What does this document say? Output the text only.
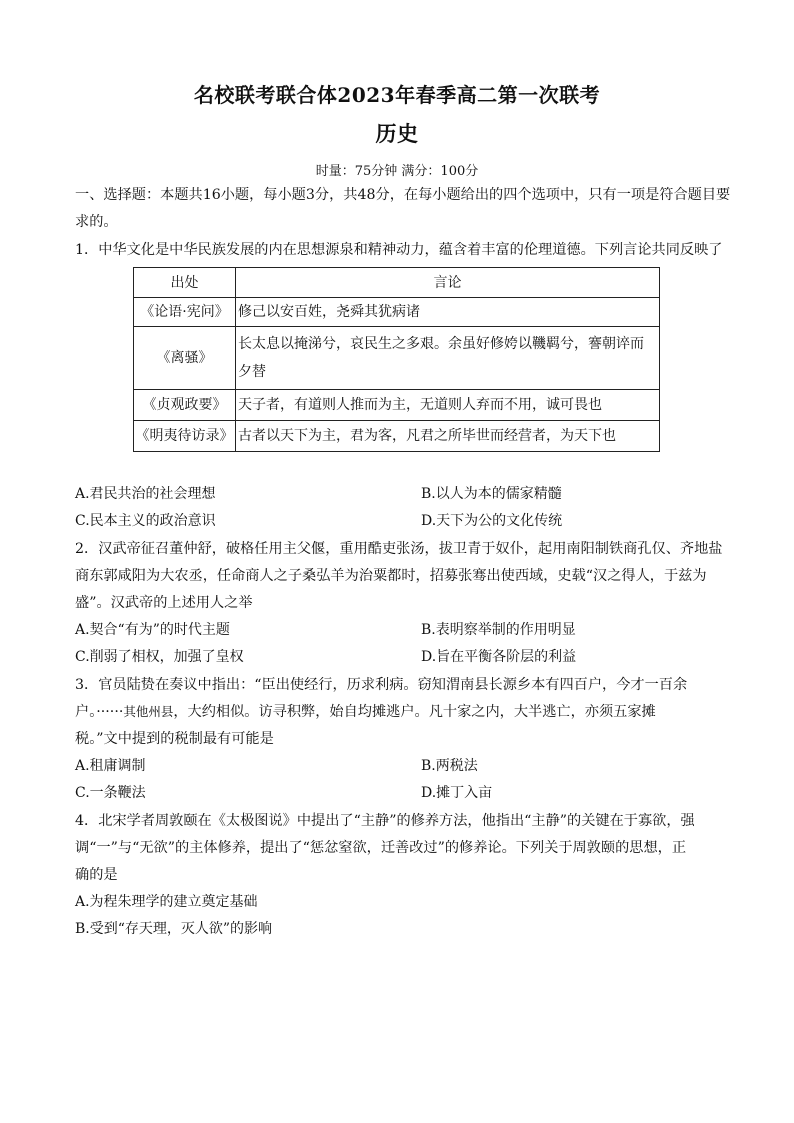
名校联考联合体2023年春季高二第一次联考
历史
时量：75分钟 满分：100分
一、选择题：本题共16小题，每小题3分，共48分，在每小题给出的四个选项中，只有一项是符合题目要
求的。
1．中华文化是中华民族发展的内在思想源泉和精神动力，蕴含着丰富的伦理道德。下列言论共同反映了
出处	言论
《论语·宪问》	修己以安百姓，尧舜其犹病诸
《离骚》	长太息以掩涕兮，哀民生之多艰。余虽好修姱以鞿羁兮，謇朝谇而
夕替

《贞观政要》	天子者，有道则人推而为主，无道则人弃而不用，诚可畏也
《明夷待访录》	古者以天下为主，君为客，凡君之所毕世而经营者，为天下也
A.君民共治的社会理想	B.以人为本的儒家精髓
C.民本主义的政治意识	D.天下为公的文化传统
2．汉武帝征召董仲舒，破格任用主父偃，重用酷吏张汤，拔卫青于奴仆，起用南阳制铁商孔仅、齐地盐
商东郭咸阳为大农丞，任命商人之子桑弘羊为治粟都时，招募张骞出使西域，史载“汉之得人，于兹为
盛”。汉武帝的上述用人之举
A.契合“有为”的时代主题	B.表明察举制的作用明显
C.削弱了相权，加强了皇权	D.旨在平衡各阶层的利益
3．官员陆贽在奏议中指出：“臣出使经行，历求利病。窃知渭南县长源乡本有四百户，今才一百余
户。······其他州县，大约相似。访寻积弊，始自均摊逃户。凡十家之内，大半逃亡，亦须五家摊
税。”文中提到的税制最有可能是
A.租庸调制	B.两税法
C.一条鞭法	D.摊丁入亩
4．北宋学者周敦颐在《太极图说》中提出了“主静”的修养方法，他指出“主静”的关键在于寡欲，强
调“一”与“无欲”的主体修养，提出了“惩忿窒欲，迁善改过”的修养论。下列关于周敦颐的思想，正
确的是
A.为程朱理学的建立奠定基础
B.受到“存天理，灭人欲”的影响
